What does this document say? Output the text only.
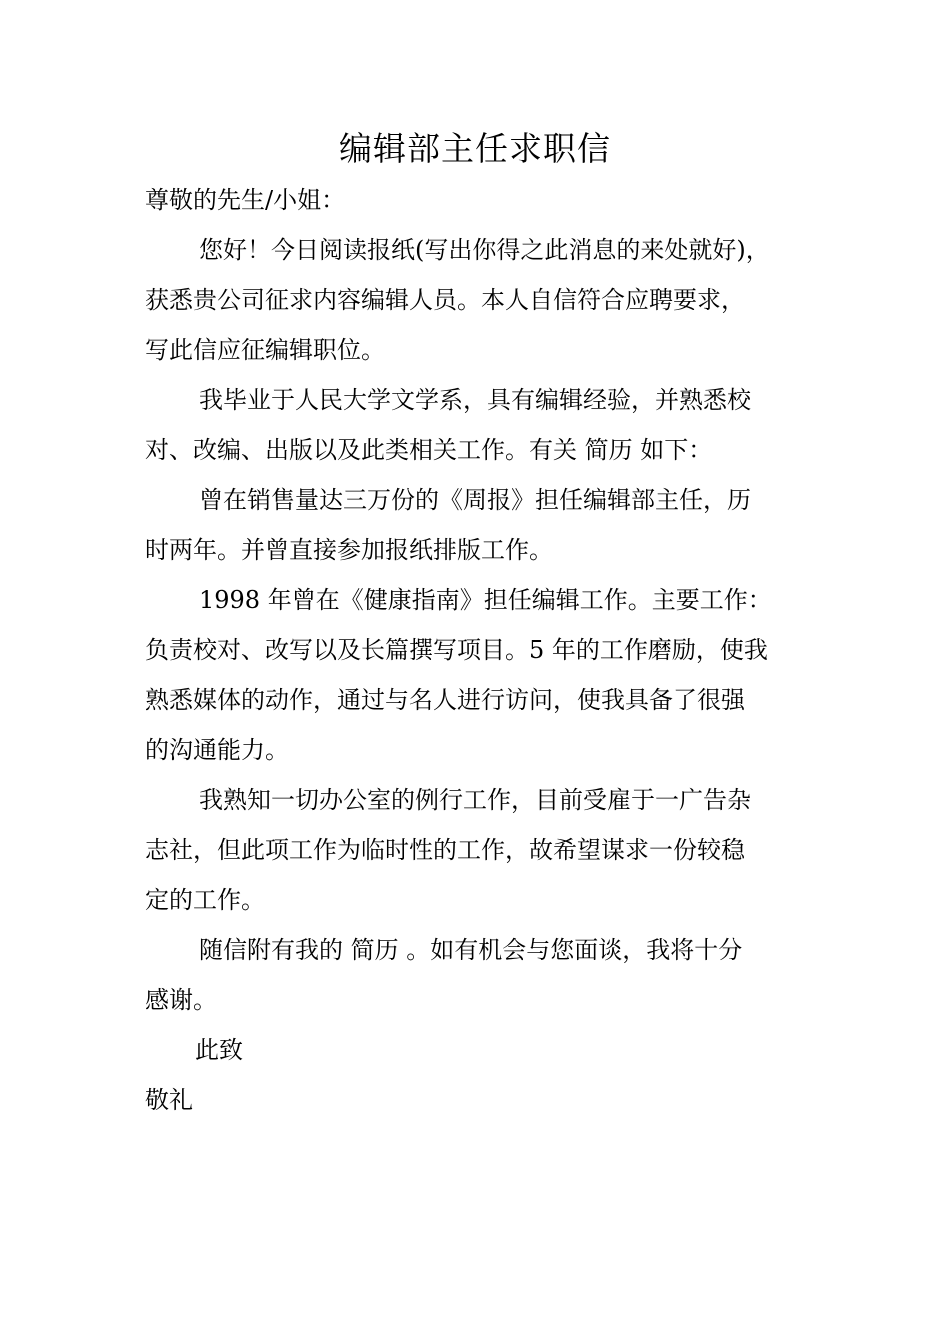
编辑部主任求职信
尊敬的先生/小姐：
您好！今日阅读报纸(写出你得之此消息的来处就好)，
获悉贵公司征求内容编辑人员。本人自信符合应聘要求，
写此信应征编辑职位。
我毕业于人民大学文学系，具有编辑经验，并熟悉校
对、改编、出版以及此类相关工作。有关 简历 如下：
曾在销售量达三万份的《周报》担任编辑部主任，历
时两年。并曾直接参加报纸排版工作。
1998 年曾在《健康指南》担任编辑工作。主要工作：
负责校对、改写以及长篇撰写项目。5 年的工作磨励，使我
熟悉媒体的动作，通过与名人进行访问，使我具备了很强
的沟通能力。
我熟知一切办公室的例行工作，目前受雇于一广告杂
志社，但此项工作为临时性的工作，故希望谋求一份较稳
定的工作。
随信附有我的 简历 。如有机会与您面谈，我将十分
感谢。
此致
敬礼
